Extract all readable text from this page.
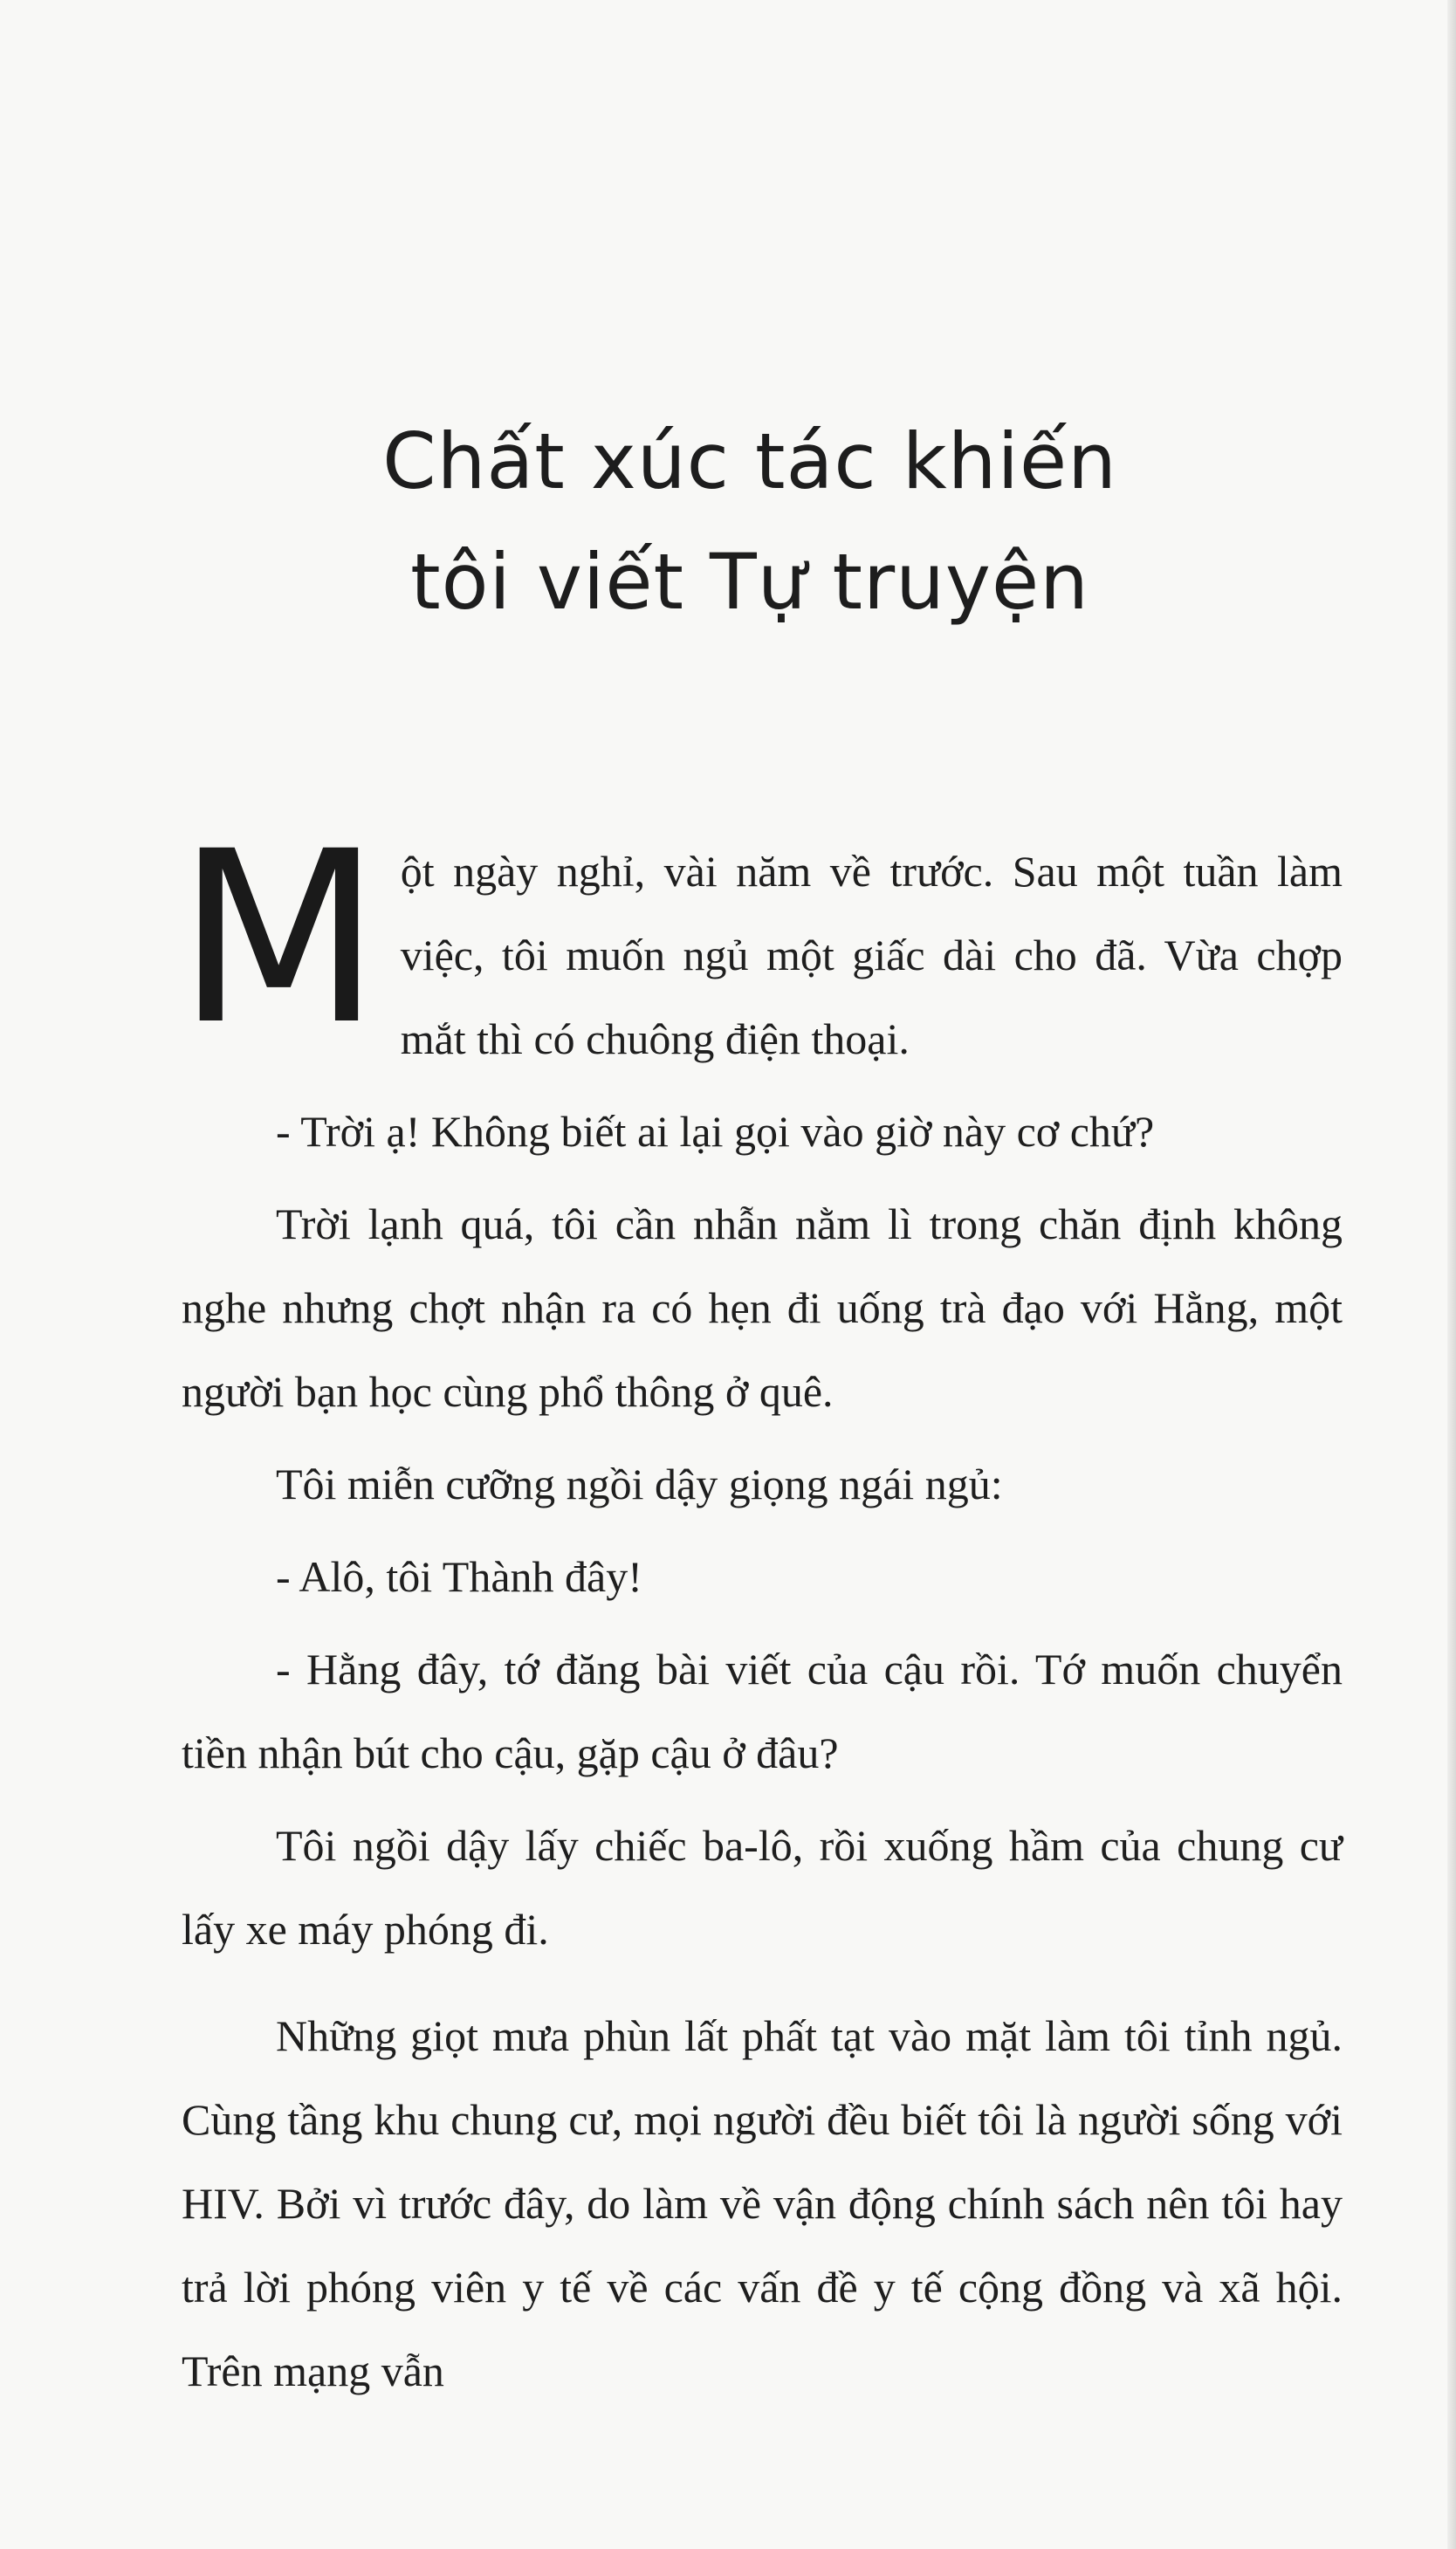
Chất xúc tác khiến
tôi viết Tự truyện

Một ngày nghỉ, vài năm về trước. Sau một tuần làm việc, tôi muốn ngủ một giấc dài cho đã. Vừa chợp mắt thì có chuông điện thoại.

- Trời ạ! Không biết ai lại gọi vào giờ này cơ chứ?

Trời lạnh quá, tôi cần nhẫn nằm lì trong chăn định không nghe nhưng chợt nhận ra có hẹn đi uống trà đạo với Hằng, một người bạn học cùng phổ thông ở quê.

Tôi miễn cưỡng ngồi dậy giọng ngái ngủ:

- Alô, tôi Thành đây!

- Hằng đây, tớ đăng bài viết của cậu rồi. Tớ muốn chuyển tiền nhận bút cho cậu, gặp cậu ở đâu?

Tôi ngồi dậy lấy chiếc ba-lô, rồi xuống hầm của chung cư lấy xe máy phóng đi.

Những giọt mưa phùn lất phất tạt vào mặt làm tôi tỉnh ngủ. Cùng tầng khu chung cư, mọi người đều biết tôi là người sống với HIV. Bởi vì trước đây, do làm về vận động chính sách nên tôi hay trả lời phóng viên y tế về các vấn đề y tế cộng đồng và xã hội. Trên mạng vẫn
